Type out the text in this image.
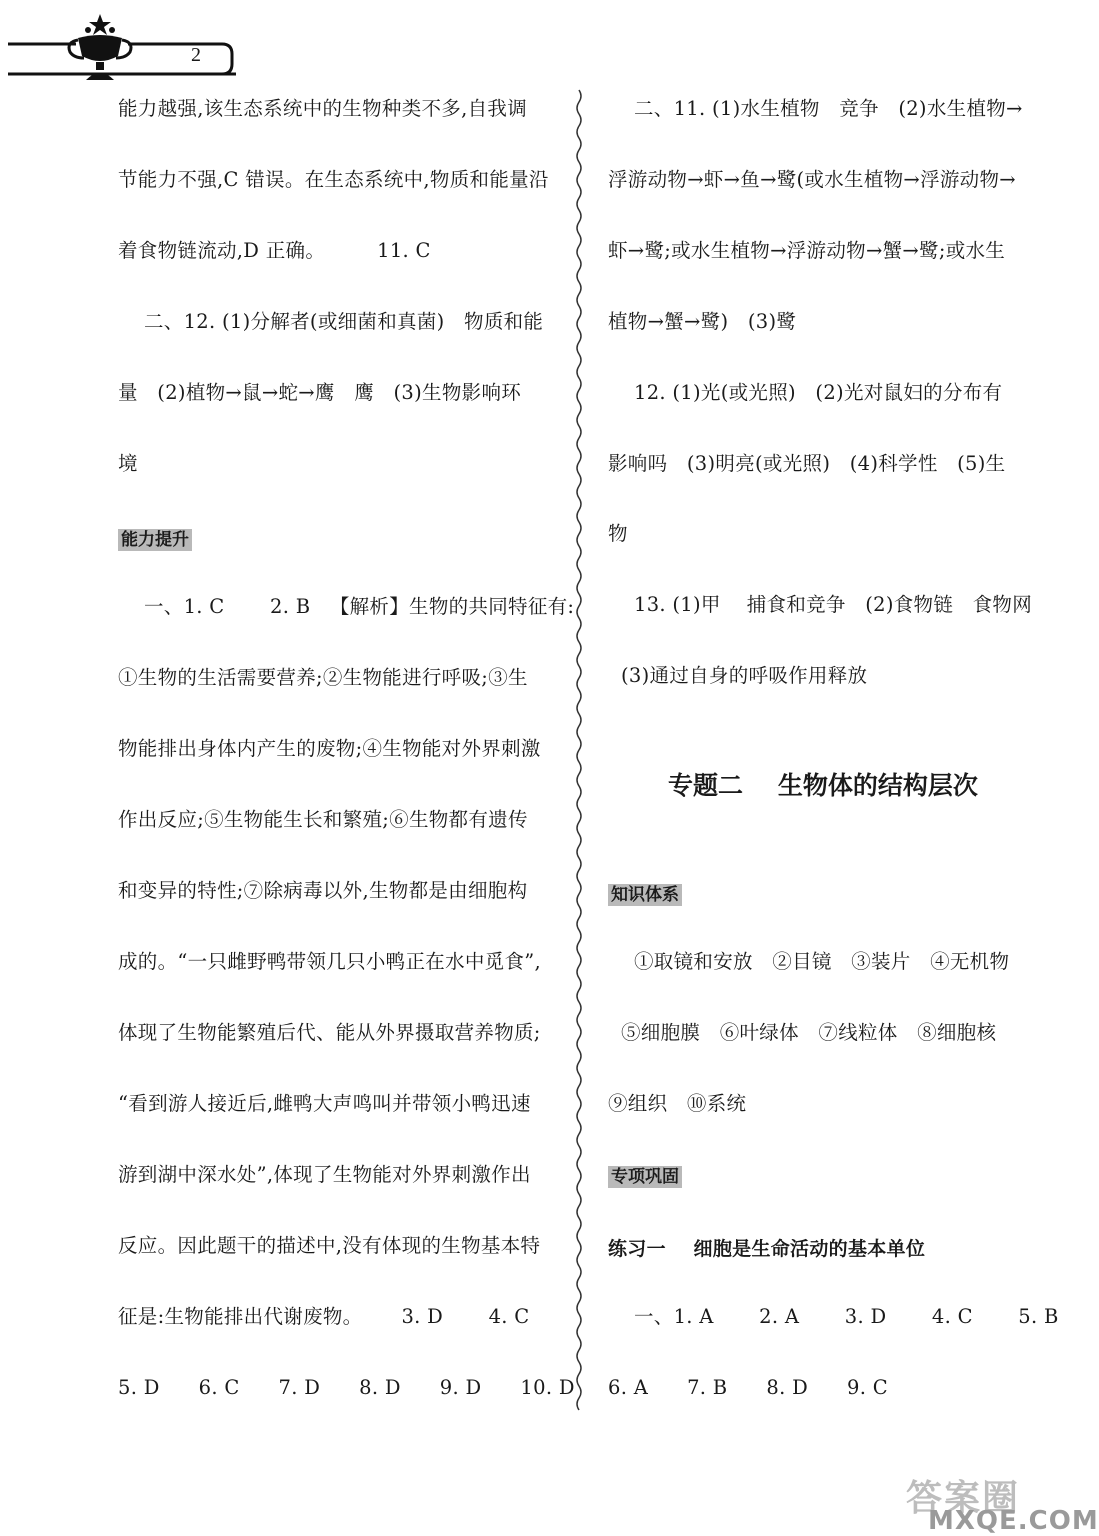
2
能力越强,该生态系统中的生物种类不多,自我调
节能力不强,C 错误。在生态系统中,物质和能量沿
着食物链流动,D 正确。        11. C
二、12. (1)分解者(或细菌和真菌)   物质和能
量   (2)植物→鼠→蛇→鹰   鹰   (3)生物影响环
境
能力提升
一、1. C       2. B   【解析】生物的共同特征有:
①生物的生活需要营养;②生物能进行呼吸;③生
物能排出身体内产生的废物;④生物能对外界刺激
作出反应;⑤生物能生长和繁殖;⑥生物都有遗传
和变异的特性;⑦除病毒以外,生物都是由细胞构
成的。“一只雌野鸭带领几只小鸭正在水中觅食”,
体现了生物能繁殖后代、能从外界摄取营养物质;
“看到游人接近后,雌鸭大声鸣叫并带领小鸭迅速
游到湖中深水处”,体现了生物能对外界刺激作出
反应。因此题干的描述中,没有体现的生物基本特
征是:生物能排出代谢废物。      3. D       4. C
5. D      6. C      7. D      8. D      9. D      10. D
二、11. (1)水生植物   竞争   (2)水生植物→
浮游动物→虾→鱼→鹭(或水生植物→浮游动物→
虾→鹭;或水生植物→浮游动物→蟹→鹭;或水生
植物→蟹→鹭)   (3)鹭
12. (1)光(或光照)   (2)光对鼠妇的分布有
影响吗   (3)明亮(或光照)   (4)科学性   (5)生
物
13. (1)甲    捕食和竞争   (2)食物链   食物网
(3)通过自身的呼吸作用释放
专题二    生物体的结构层次
知识体系
①取镜和安放   ②目镜   ③装片   ④无机物
⑤细胞膜   ⑥叶绿体   ⑦线粒体   ⑧细胞核
⑨组织   ⑩系统
专项巩固
练习一    细胞是生命活动的基本单位
一、1. A       2. A       3. D       4. C       5. B
6. A      7. B      8. D      9. C
答案圈
MXQE.COM
